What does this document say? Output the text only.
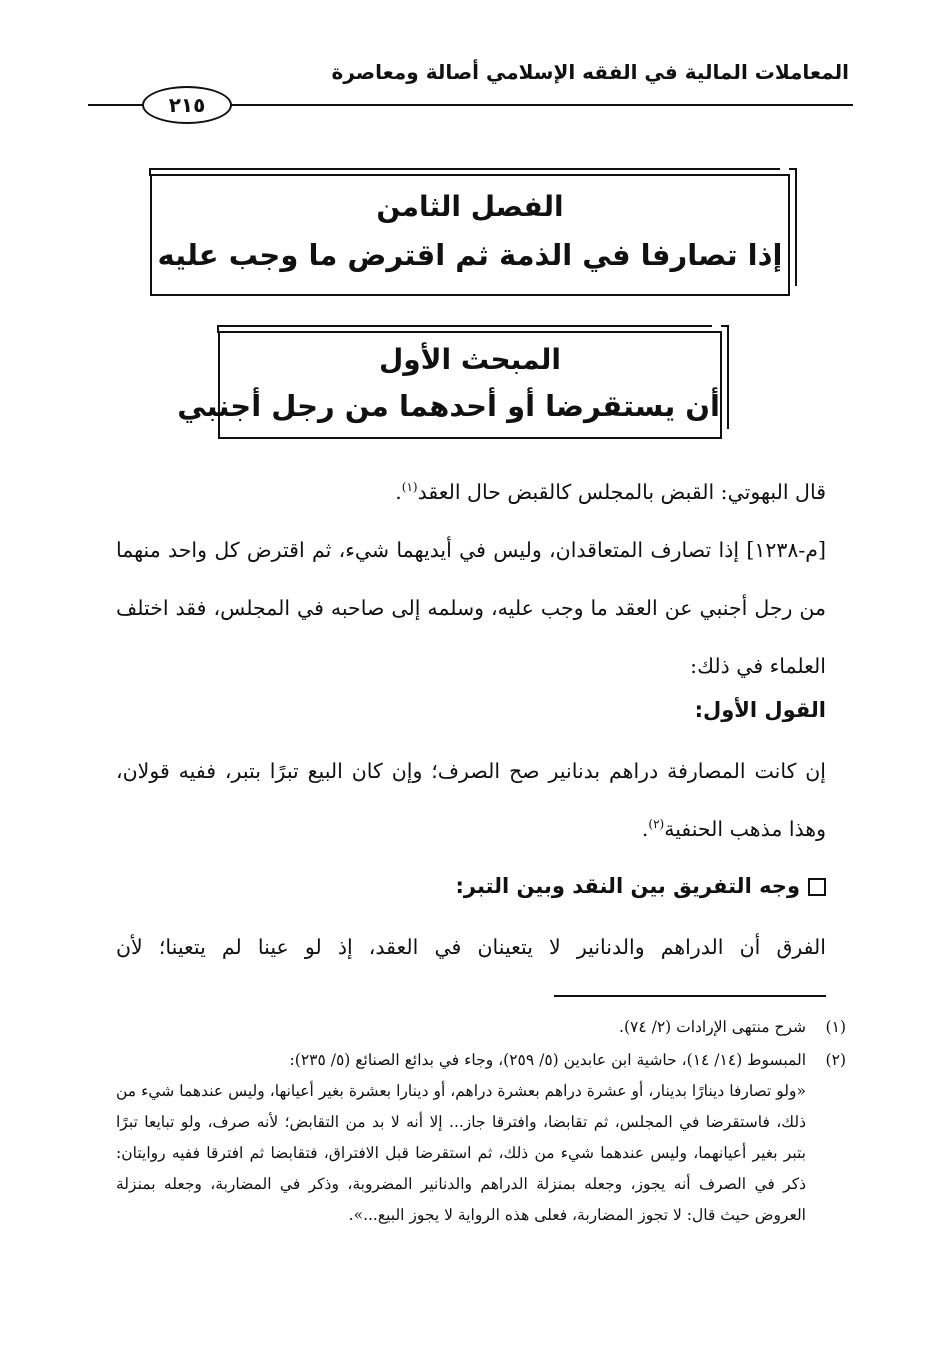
المعاملات المالية في الفقه الإسلامي أصالة ومعاصرة
٢١٥
الفصل الثامن
إذا تصارفا في الذمة ثم اقترض ما وجب عليه
المبحث الأول
أن يستقرضا أو أحدهما من رجل أجنبي
قال البهوتي: القبض بالمجلس كالقبض حال العقد$^{(١)}$.
[م-١٢٣٨] إذا تصارف المتعاقدان، وليس في أيديهما شيء، ثم اقترض كل واحد منهما من رجل أجنبي عن العقد ما وجب عليه، وسلمه إلى صاحبه في المجلس، فقد اختلف العلماء في ذلك:
القول الأول:
إن كانت المصارفة دراهم بدنانير صح الصرف؛ وإن كان البيع تبرًا بتبر، ففيه قولان، وهذا مذهب الحنفية$^{(٢)}$.
وجه التفريق بين النقد وبين التبر:
الفرق أن الدراهم والدنانير لا يتعينان في العقد، إذ لو عينا لم يتعينا؛ لأن
(١)شرح منتهى الإرادات (٢/ ٧٤).
(٢)المبسوط (١٤/ ١٤)، حاشية ابن عابدين (٥/ ٢٥٩)، وجاء في بدائع الصنائع (٥/ ٢٣٥):
«ولو تصارفا دينارًا بدينار، أو عشرة دراهم بعشرة دراهم، أو دينارا بعشرة بغير أعيانها، وليس عندهما شيء من ذلك، فاستقرضا في المجلس، ثم تقابضا، وافترقا جاز... إلا أنه لا بد من التقابض؛ لأنه صرف، ولو تبايعا تبرًا بتبر بغير أعيانهما، وليس عندهما شيء من ذلك، ثم استقرضا قبل الافتراق، فتقابضا ثم افترقا ففيه روايتان: ذكر في الصرف أنه يجوز، وجعله بمنزلة الدراهم والدنانير المضروبة، وذكر في المضاربة، وجعله بمنزلة العروض حيث قال: لا تجوز المضاربة، فعلى هذه الرواية لا يجوز البيع...».
